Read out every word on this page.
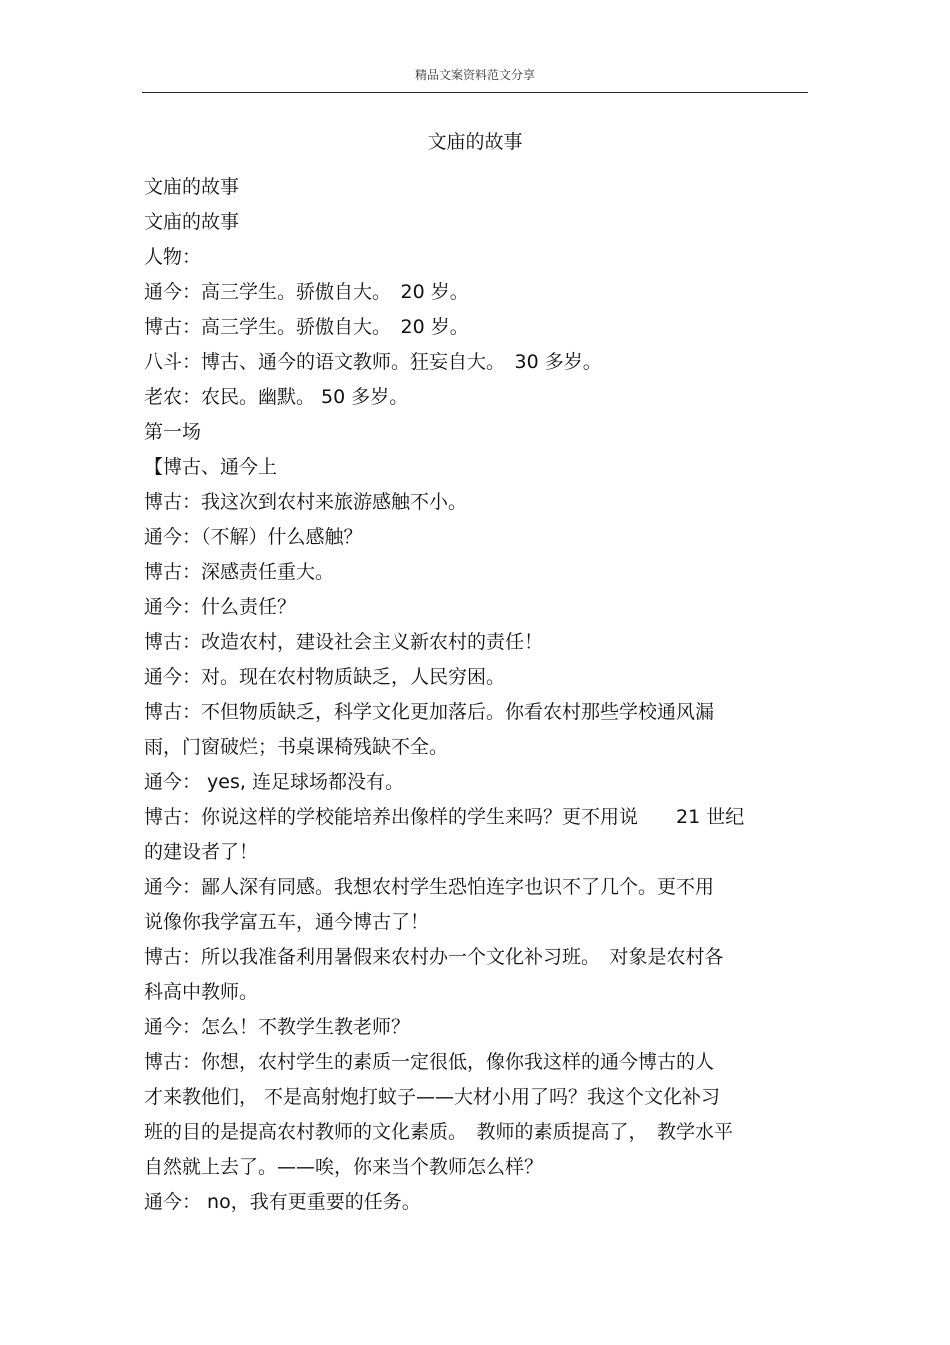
精品文案资料范文分享
文庙的故事
文庙的故事
文庙的故事
人物：
通今：高三学生。骄傲自大。　20 岁。
博古：高三学生。骄傲自大。　20 岁。
八斗：博古、通今的语文教师。狂妄自大。　30 多岁。
老农：农民。幽默。 50 多岁。
第一场
【博古、通今上
博古：我这次到农村来旅游感触不小。
通今：（不解）什么感触？
博古：深感责任重大。
通今：什么责任？
博古：改造农村，建设社会主义新农村的责任！
通今：对。现在农村物质缺乏，人民穷困。
博古：不但物质缺乏，科学文化更加落后。你看农村那些学校通风漏
雨，门窗破烂；书桌课椅残缺不全。
通今： yes, 连足球场都没有。
博古：你说这样的学校能培养出像样的学生来吗？更不用说　　21 世纪
的建设者了！
通今：鄙人深有同感。我想农村学生恐怕连字也识不了几个。更不用
说像你我学富五车，通今博古了！
博古：所以我准备利用暑假来农村办一个文化补习班。　对象是农村各
科高中教师。
通今：怎么！不教学生教老师？
博古：你想，农村学生的素质一定很低，像你我这样的通今博古的人
才来教他们， 不是高射炮打蚊子——大材小用了吗？我这个文化补习
班的目的是提高农村教师的文化素质。　教师的素质提高了，　教学水平
自然就上去了。——唉，你来当个教师怎么样？
通今： no，我有更重要的任务。
